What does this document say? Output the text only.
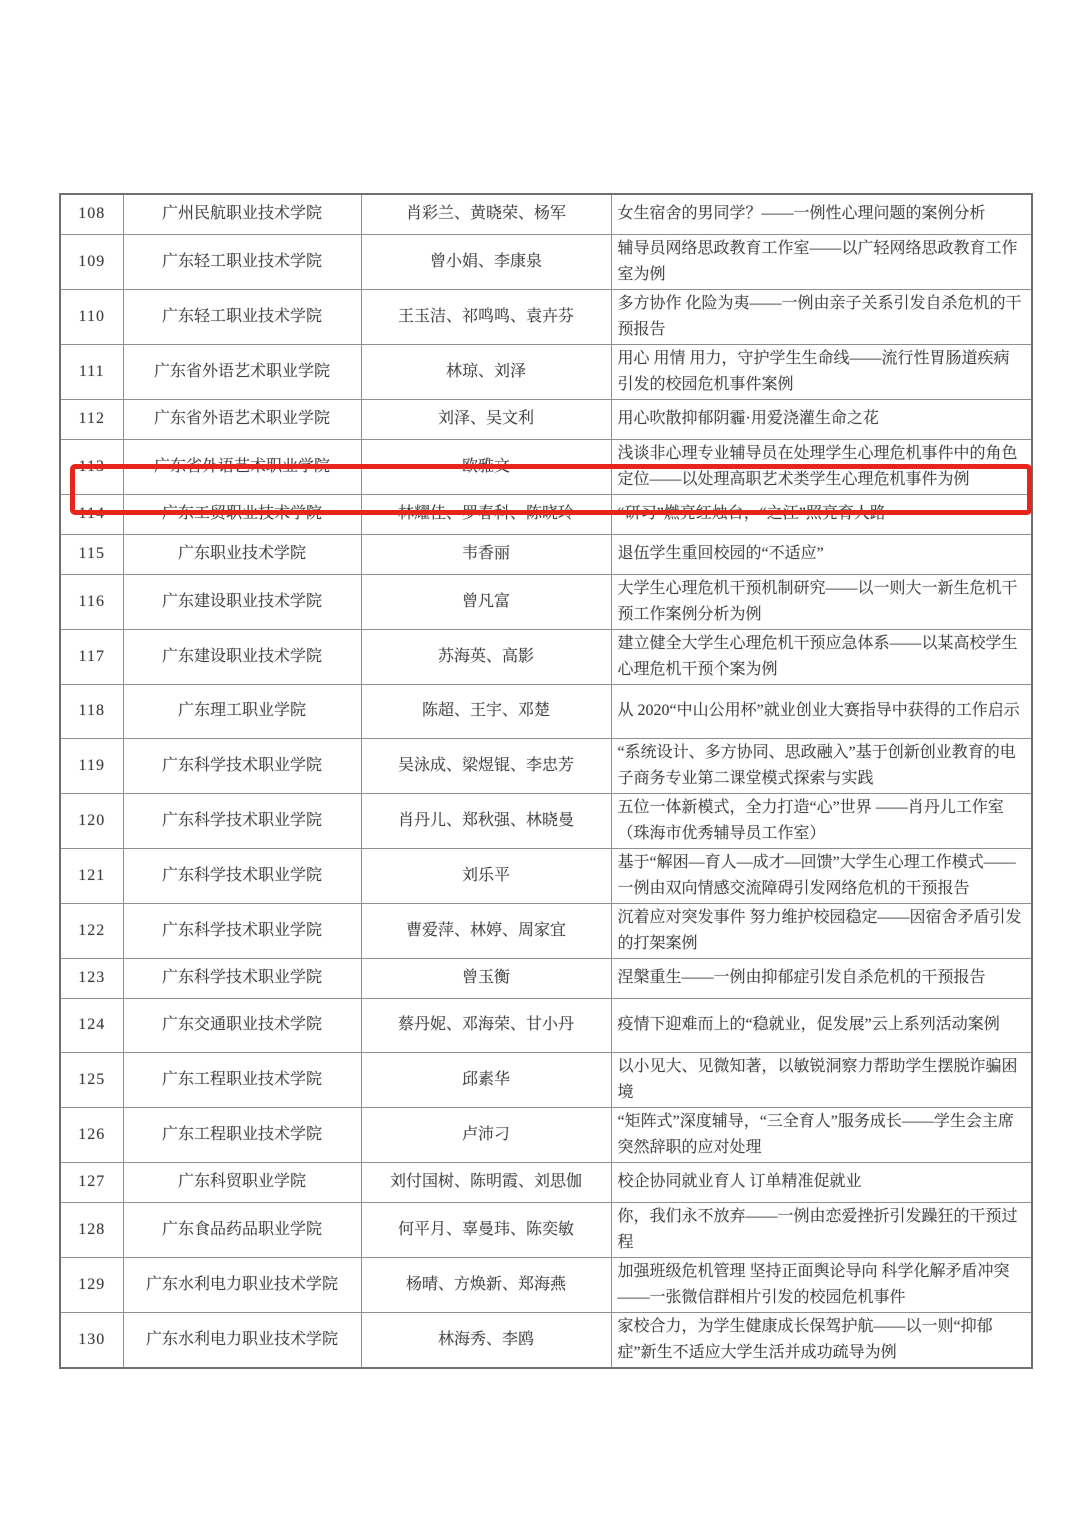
108	广州民航职业技术学院	肖彩兰、黄晓荣、杨军	女生宿舍的男同学？——一例性心理问题的案例分析
109	广东轻工职业技术学院	曾小娟、李康泉	辅导员网络思政教育工作室——以广轻网络思政教育工作室为例
110	广东轻工职业技术学院	王玉洁、祁鸣鸣、袁卉芬	多方协作 化险为夷——一例由亲子关系引发自杀危机的干预报告
111	广东省外语艺术职业学院	林琼、刘泽	用心 用情 用力，守护学生生命线——流行性胃肠道疾病引发的校园危机事件案例
112	广东省外语艺术职业学院	刘泽、吴文利	用心吹散抑郁阴霾·用爱浇灌生命之花
113	广东省外语艺术职业学院	欧雅文	浅谈非心理专业辅导员在处理学生心理危机事件中的角色定位——以处理高职艺术类学生心理危机事件为例
114	广东工贸职业技术学院	林耀佳、罗春科、陈晓玲	“研习”燃亮红烛台，“之江”照亮育人路
115	广东职业技术学院	韦香丽	退伍学生重回校园的“不适应”
116	广东建设职业技术学院	曾凡富	大学生心理危机干预机制研究——以一则大一新生危机干预工作案例分析为例
117	广东建设职业技术学院	苏海英、高影	建立健全大学生心理危机干预应急体系——以某高校学生心理危机干预个案为例
118	广东理工职业学院	陈超、王宇、邓楚	从 2020“中山公用杯”就业创业大赛指导中获得的工作启示
119	广东科学技术职业学院	吴泳成、梁煜锟、李忠芳	“系统设计、多方协同、思政融入”基于创新创业教育的电子商务专业第二课堂模式探索与实践
120	广东科学技术职业学院	肖丹儿、郑秋强、林晓曼	五位一体新模式，全力打造“心”世界 ——肖丹儿工作室（珠海市优秀辅导员工作室）
121	广东科学技术职业学院	刘乐平	基于“解困—育人—成才—回馈”大学生心理工作模式——一例由双向情感交流障碍引发网络危机的干预报告
122	广东科学技术职业学院	曹爱萍、林婷、周家宜	沉着应对突发事件 努力维护校园稳定——因宿舍矛盾引发的打架案例
123	广东科学技术职业学院	曾玉衡	涅槃重生——一例由抑郁症引发自杀危机的干预报告
124	广东交通职业技术学院	蔡丹妮、邓海荣、甘小丹	疫情下迎难而上的“稳就业，促发展”云上系列活动案例
125	广东工程职业技术学院	邱素华	以小见大、见微知著，以敏锐洞察力帮助学生摆脱诈骗困境
126	广东工程职业技术学院	卢沛刁	“矩阵式”深度辅导，“三全育人”服务成长——学生会主席突然辞职的应对处理
127	广东科贸职业学院	刘付国树、陈明霞、刘思伽	校企协同就业育人 订单精准促就业
128	广东食品药品职业学院	何平月、辜曼玮、陈奕敏	你，我们永不放弃——一例由恋爱挫折引发躁狂的干预过程
129	广东水利电力职业技术学院	杨晴、方焕新、郑海燕	加强班级危机管理 坚持正面舆论导向 科学化解矛盾冲突——一张微信群相片引发的校园危机事件
130	广东水利电力职业技术学院	林海秀、李鸥	家校合力，为学生健康成长保驾护航——以一则“抑郁症”新生不适应大学生活并成功疏导为例
